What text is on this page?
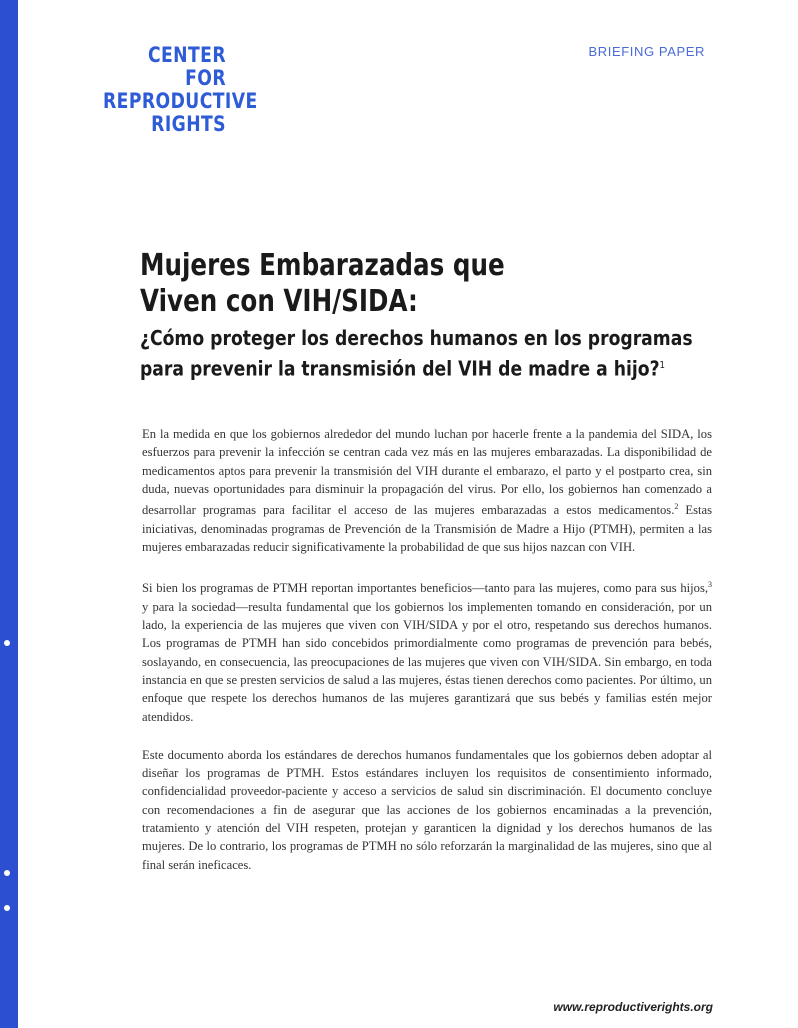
CENTER
FOR
REPRODUCTIVE
RIGHTS
BRIEFING PAPER
Mujeres Embarazadas que
Viven con VIH/SIDA:
¿Cómo proteger los derechos humanos en los programas para prevenir la transmisión del VIH de madre a hijo?$^1$

En la medida en que los gobiernos alrededor del mundo luchan por hacerle frente a la pandemia del SIDA, los esfuerzos para prevenir la infección se centran cada vez más en las mujeres embarazadas. La disponibilidad de medicamentos aptos para prevenir la transmisión del VIH durante el embarazo, el parto y el postparto crea, sin duda, nuevas oportunidades para disminuir la propagación del virus. Por ello, los gobiernos han comenzado a desarrollar programas para facilitar el acceso de las mujeres embarazadas a estos medicamentos.$^2$ Estas iniciativas, denominadas programas de Prevención de la Transmisión de Madre a Hijo (PTMH), permiten a las mujeres embarazadas reducir significativamente la probabilidad de que sus hijos nazcan con VIH.

Si bien los programas de PTMH reportan importantes beneficios—tanto para las mujeres, como para sus hijos,$^3$ y para la sociedad—resulta fundamental que los gobiernos los implementen tomando en consideración, por un lado, la experiencia de las mujeres que viven con VIH/SIDA y por el otro, respetando sus derechos humanos. Los programas de PTMH han sido concebidos primordialmente como programas de prevención para bebés, soslayando, en consecuencia, las preocupaciones de las mujeres que viven con VIH/SIDA. Sin embargo, en toda instancia en que se presten servicios de salud a las mujeres, éstas tienen derechos como pacientes. Por último, un enfoque que respete los derechos humanos de las mujeres garantizará que sus bebés y familias estén mejor atendidos.

Este documento aborda los estándares de derechos humanos fundamentales que los gobiernos deben adoptar al diseñar los programas de PTMH. Estos estándares incluyen los requisitos de consentimiento informado, confidencialidad proveedor-paciente y acceso a servicios de salud sin discriminación. El documento concluye con recomendaciones a fin de asegurar que las acciones de los gobiernos encaminadas a la prevención, tratamiento y atención del VIH respeten, protejan y garanticen la dignidad y los derechos humanos de las mujeres. De lo contrario, los programas de PTMH no sólo reforzarán la marginalidad de las mujeres, sino que al final serán ineficaces.

www.reproductiverights.org
